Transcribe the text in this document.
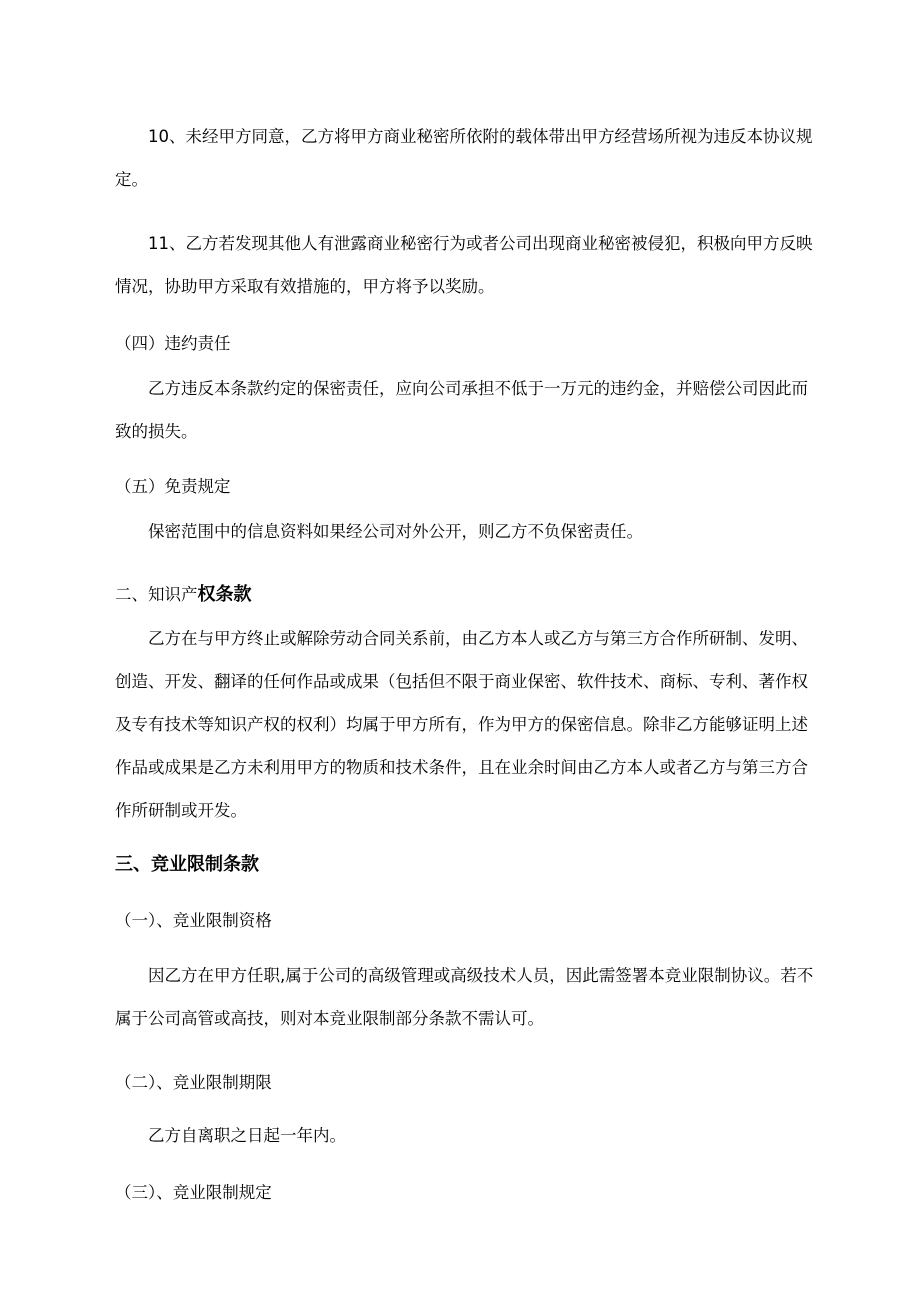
10、未经甲方同意，乙方将甲方商业秘密所依附的载体带出甲方经营场所视为违反本协议规定。

11、乙方若发现其他人有泄露商业秘密行为或者公司出现商业秘密被侵犯，积极向甲方反映情况，协助甲方采取有效措施的，甲方将予以奖励。

（四）违约责任

乙方违反本条款约定的保密责任，应向公司承担不低于一万元的违约金，并赔偿公司因此而致的损失。

（五）免责规定

保密范围中的信息资料如果经公司对外公开，则乙方不负保密责任。

二、知识产权条款

乙方在与甲方终止或解除劳动合同关系前，由乙方本人或乙方与第三方合作所研制、发明、创造、开发、翻译的任何作品或成果（包括但不限于商业保密、软件技术、商标、专利、著作权及专有技术等知识产权的权利）均属于甲方所有，作为甲方的保密信息。除非乙方能够证明上述作品或成果是乙方未利用甲方的物质和技术条件，且在业余时间由乙方本人或者乙方与第三方合作所研制或开发。

三、竞业限制条款

（一）、竞业限制资格

因乙方在甲方任职,属于公司的高级管理或高级技术人员，因此需签署本竞业限制协议。若不属于公司高管或高技，则对本竞业限制部分条款不需认可。

（二）、竞业限制期限

乙方自离职之日起一年内。

（三）、竞业限制规定
